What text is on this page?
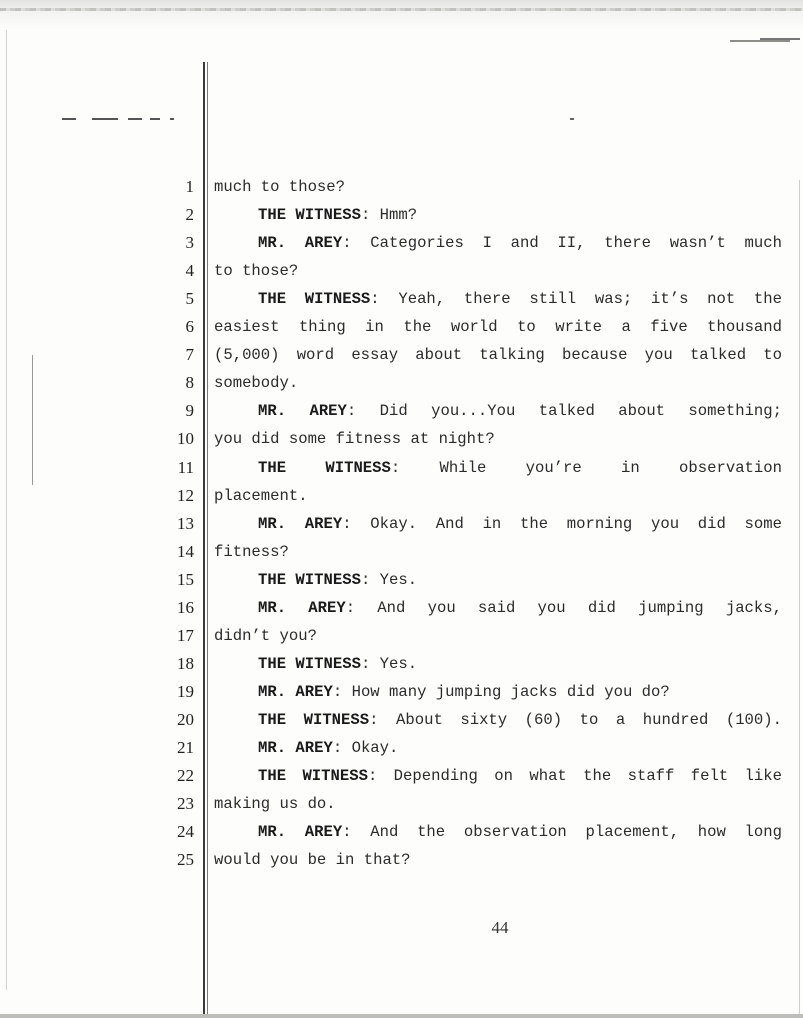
1 much to those?
2	THE WITNESS: Hmm?
3	MR. AREY: Categories I and II, there wasn’t much
4 to those?
5	THE WITNESS: Yeah, there still was; it’s not the
6 easiest thing in the world to write a five thousand
7 (5,000) word essay about talking because you talked to
8 somebody.
9	MR. AREY: Did you...You talked about something;
10 you did some fitness at night?
11	THE WITNESS: While you’re in observation
12 placement.
13	MR. AREY: Okay. And in the morning you did some
14 fitness?
15	THE WITNESS: Yes.
16	MR. AREY: And you said you did jumping jacks,
17 didn’t you?
18	THE WITNESS: Yes.
19	MR. AREY: How many jumping jacks did you do?
20	THE WITNESS: About sixty (60) to a hundred (100).
21	MR. AREY: Okay.
22	THE WITNESS: Depending on what the staff felt like
23 making us do.
24	MR. AREY: And the observation placement, how long
25 would you be in that?
44
